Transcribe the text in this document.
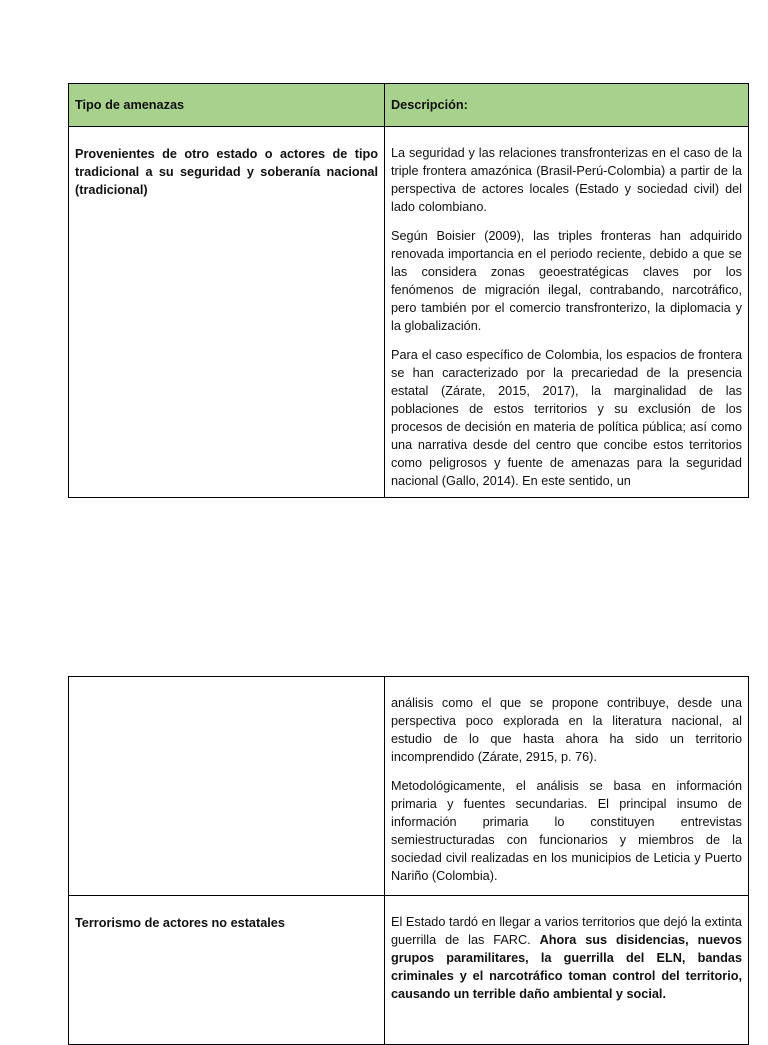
Tipo de amenazas	Descripción:
Provenientes de otro estado o actores de tipo tradicional a su seguridad y soberanía nacional (tradicional)	La seguridad y las relaciones transfronterizas en el caso de la triple frontera amazónica (Brasil-Perú-Colombia) a partir de la perspectiva de actores locales (Estado y sociedad civil) del lado colombiano.

Según Boisier (2009), las triples fronteras han adquirido renovada importancia en el periodo reciente, debido a que se las considera zonas geoestratégicas claves por los fenómenos de migración ilegal, contrabando, narcotráfico, pero también por el comercio transfronterizo, la diplomacia y la globalización.

Para el caso específico de Colombia, los espacios de frontera se han caracterizado por la precariedad de la presencia estatal (Zárate, 2015, 2017), la marginalidad de las poblaciones de estos territorios y su exclusión de los procesos de decisión en materia de política pública; así como una narrativa desde del centro que concibe estos territorios como peligrosos y fuente de amenazas para la seguridad nacional (Gallo, 2014). En este sentido, un

	análisis como el que se propone contribuye, desde una perspectiva poco explorada en la literatura nacional, al estudio de lo que hasta ahora ha sido un territorio incomprendido (Zárate, 2915, p. 76).

Metodológicamente, el análisis se basa en información primaria y fuentes secundarias. El principal insumo de información primaria lo constituyen entrevistas semiestructuradas con funcionarios y miembros de la sociedad civil realizadas en los municipios de Leticia y Puerto Nariño (Colombia).

Terrorismo de actores no estatales	El Estado tardó en llegar a varios territorios que dejó la extinta guerrilla de las FARC. Ahora sus disidencias, nuevos grupos paramilitares, la guerrilla del ELN, bandas criminales y el narcotráfico toman control del territorio, causando un terrible daño ambiental y social.
